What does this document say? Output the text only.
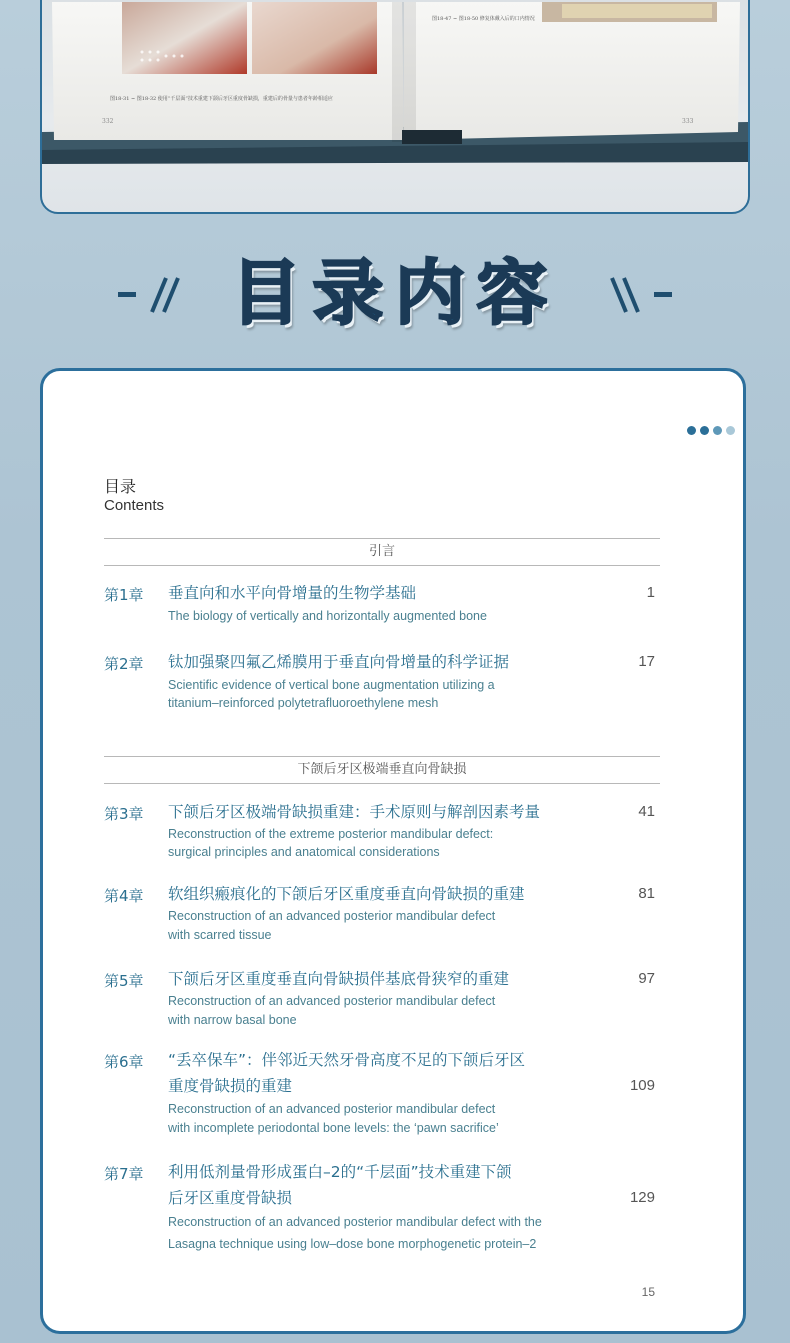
图18-31 ~ 图18-32 使用“千层面”技术重建下颌后牙区重度骨缺损，重建后的骨量与患者年龄相适应
图18-47 ~ 图18-50 修复体戴入后的口内情况
332	333
目录内容
目录
Contents
引言
第1章 垂直向和水平向骨增量的生物学基础
The biology of vertically and horizontally augmented bone
1
第2章 钛加强聚四氟乙烯膜用于垂直向骨增量的科学证据
Scientific evidence of vertical bone augmentation utilizing a
titanium–reinforced polytetrafluoroethylene mesh
17
下颌后牙区极端垂直向骨缺损
第3章 下颌后牙区极端骨缺损重建：手术原则与解剖因素考量
Reconstruction of the extreme posterior mandibular defect:
surgical principles and anatomical considerations
41
第4章 软组织瘢痕化的下颌后牙区重度垂直向骨缺损的重建
Reconstruction of an advanced posterior mandibular defect
with scarred tissue
81
第5章 下颌后牙区重度垂直向骨缺损伴基底骨狭窄的重建
Reconstruction of an advanced posterior mandibular defect
with narrow basal bone
97
第6章 “丢卒保车”：伴邻近天然牙骨高度不足的下颌后牙区
重度骨缺损的重建
Reconstruction of an advanced posterior mandibular defect
with incomplete periodontal bone levels: the ‘pawn sacrifice’
109
第7章 利用低剂量骨形成蛋白–2的“千层面”技术重建下颌
后牙区重度骨缺损
Reconstruction of an advanced posterior mandibular defect with the
Lasagna technique using low–dose bone morphogenetic protein–2
129
15
